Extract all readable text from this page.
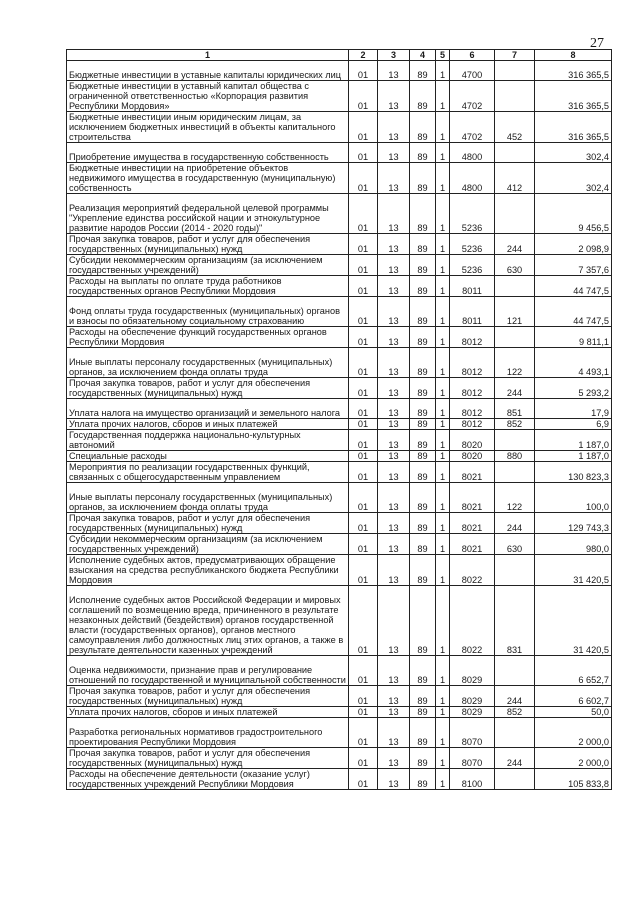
27
1	2	3	4	5	6	7	8
Бюджетные инвестиции в уставные капиталы юридических лиц	01	13	89	1	4700		316 365,5
Бюджетные инвестиции в уставный капитал общества с ограниченной ответственностью «Корпорация развития Республики Мордовия»	01	13	89	1	4702		316 365,5
Бюджетные инвестиции иным юридическим лицам, за исключением бюджетных инвестиций в объекты капитального строительства	01	13	89	1	4702	452	316 365,5
Приобретение имущества в государственную собственность	01	13	89	1	4800		302,4
Бюджетные инвестиции на приобретение объектов недвижимого имущества в государственную (муниципальную) собственность	01	13	89	1	4800	412	302,4
Реализация мероприятий федеральной целевой программы "Укрепление единства российской нации и этнокультурное развитие народов России (2014 - 2020 годы)"	01	13	89	1	5236		9 456,5
Прочая закупка товаров, работ и услуг для обеспечения государственных (муниципальных) нужд	01	13	89	1	5236	244	2 098,9
Субсидии некоммерческим организациям (за исключением государственных учреждений)	01	13	89	1	5236	630	7 357,6
Расходы на выплаты по оплате труда работников государственных органов Республики Мордовия	01	13	89	1	8011		44 747,5
Фонд оплаты труда государственных (муниципальных) органов и взносы по обязательному социальному страхованию	01	13	89	1	8011	121	44 747,5
Расходы на обеспечение функций государственных органов Республики Мордовия	01	13	89	1	8012		9 811,1
Иные выплаты персоналу государственных (муниципальных) органов, за исключением фонда оплаты труда	01	13	89	1	8012	122	4 493,1
Прочая закупка товаров, работ и услуг для обеспечения государственных (муниципальных) нужд	01	13	89	1	8012	244	5 293,2
Уплата налога на имущество организаций и земельного налога	01	13	89	1	8012	851	17,9
Уплата прочих налогов, сборов и иных платежей	01	13	89	1	8012	852	6,9
Государственная поддержка национально-культурных автономий	01	13	89	1	8020		1 187,0
Специальные расходы	01	13	89	1	8020	880	1 187,0
Мероприятия по реализации государственных функций, связанных с общегосударственным управлением	01	13	89	1	8021		130 823,3
Иные выплаты персоналу государственных (муниципальных) органов, за исключением фонда оплаты труда	01	13	89	1	8021	122	100,0
Прочая закупка товаров, работ и услуг для обеспечения государственных (муниципальных) нужд	01	13	89	1	8021	244	129 743,3
Субсидии некоммерческим организациям (за исключением государственных учреждений)	01	13	89	1	8021	630	980,0
Исполнение судебных актов, предусматривающих обращение взыскания на средства республиканского бюджета Республики Мордовия	01	13	89	1	8022		31 420,5
Исполнение судебных актов Российской Федерации и мировых соглашений по возмещению вреда, причиненного в результате незаконных действий (бездействия) органов государственной власти (государственных органов), органов местного самоуправления либо должностных лиц этих органов, а также в результате деятельности казенных учреждений	01	13	89	1	8022	831	31 420,5
Оценка недвижимости, признание прав и регулирование отношений по государственной и муниципальной собственности	01	13	89	1	8029		6 652,7
Прочая закупка товаров, работ и услуг для обеспечения государственных (муниципальных) нужд	01	13	89	1	8029	244	6 602,7
Уплата прочих налогов, сборов и иных платежей	01	13	89	1	8029	852	50,0
Разработка региональных нормативов градостроительного проектирования Республики Мордовия	01	13	89	1	8070		2 000,0
Прочая закупка товаров, работ и услуг для обеспечения государственных (муниципальных) нужд	01	13	89	1	8070	244	2 000,0
Расходы на обеспечение деятельности (оказание услуг) государственных учреждений Республики Мордовия	01	13	89	1	8100		105 833,8
